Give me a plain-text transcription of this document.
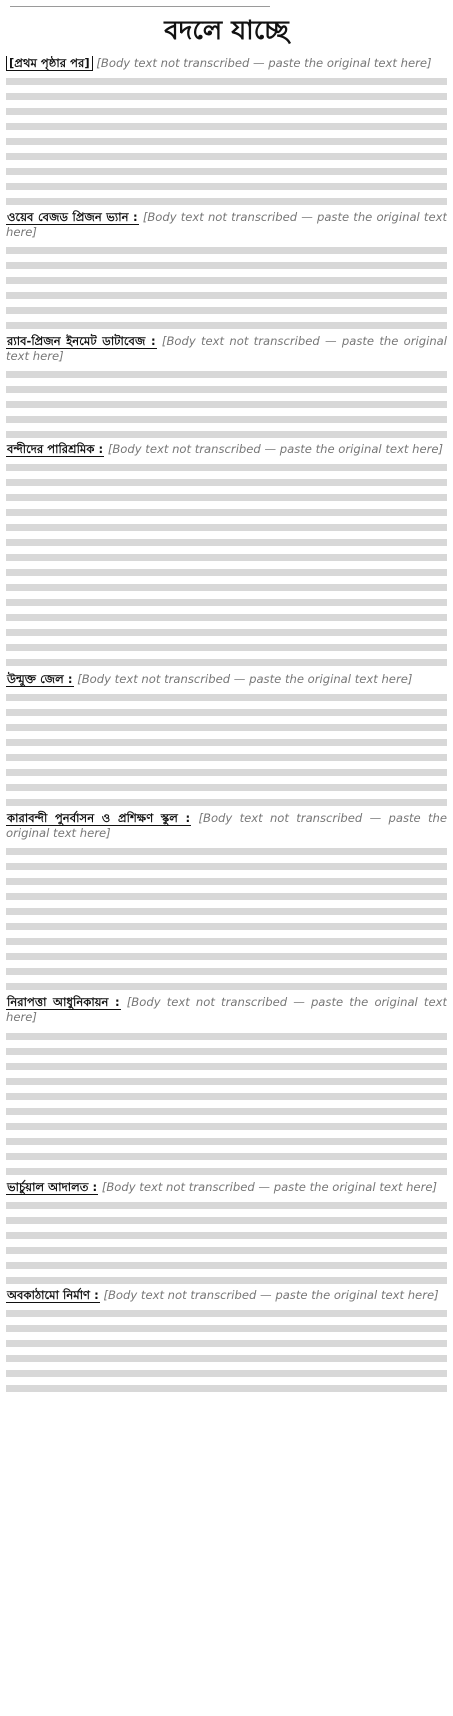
বদলে যাচ্ছে
[প্রথম পৃষ্ঠার পর] [Body text not transcribed — paste the original text here]
ওয়েব বেজড প্রিজন ভ্যান : [Body text not transcribed — paste the original text here]
র‌্যাব-প্রিজন ইনমেট ডাটাবেজ : [Body text not transcribed — paste the original text here]
বন্দীদের পারিশ্রমিক : [Body text not transcribed — paste the original text here]
উন্মুক্ত জেল : [Body text not transcribed — paste the original text here]
কারাবন্দী পুনর্বাসন ও প্রশিক্ষণ স্কুল : [Body text not transcribed — paste the original text here]
নিরাপত্তা আধুনিকায়ন : [Body text not transcribed — paste the original text here]
ভার্চুয়াল আদালত : [Body text not transcribed — paste the original text here]
অবকাঠামো নির্মাণ : [Body text not transcribed — paste the original text here]
